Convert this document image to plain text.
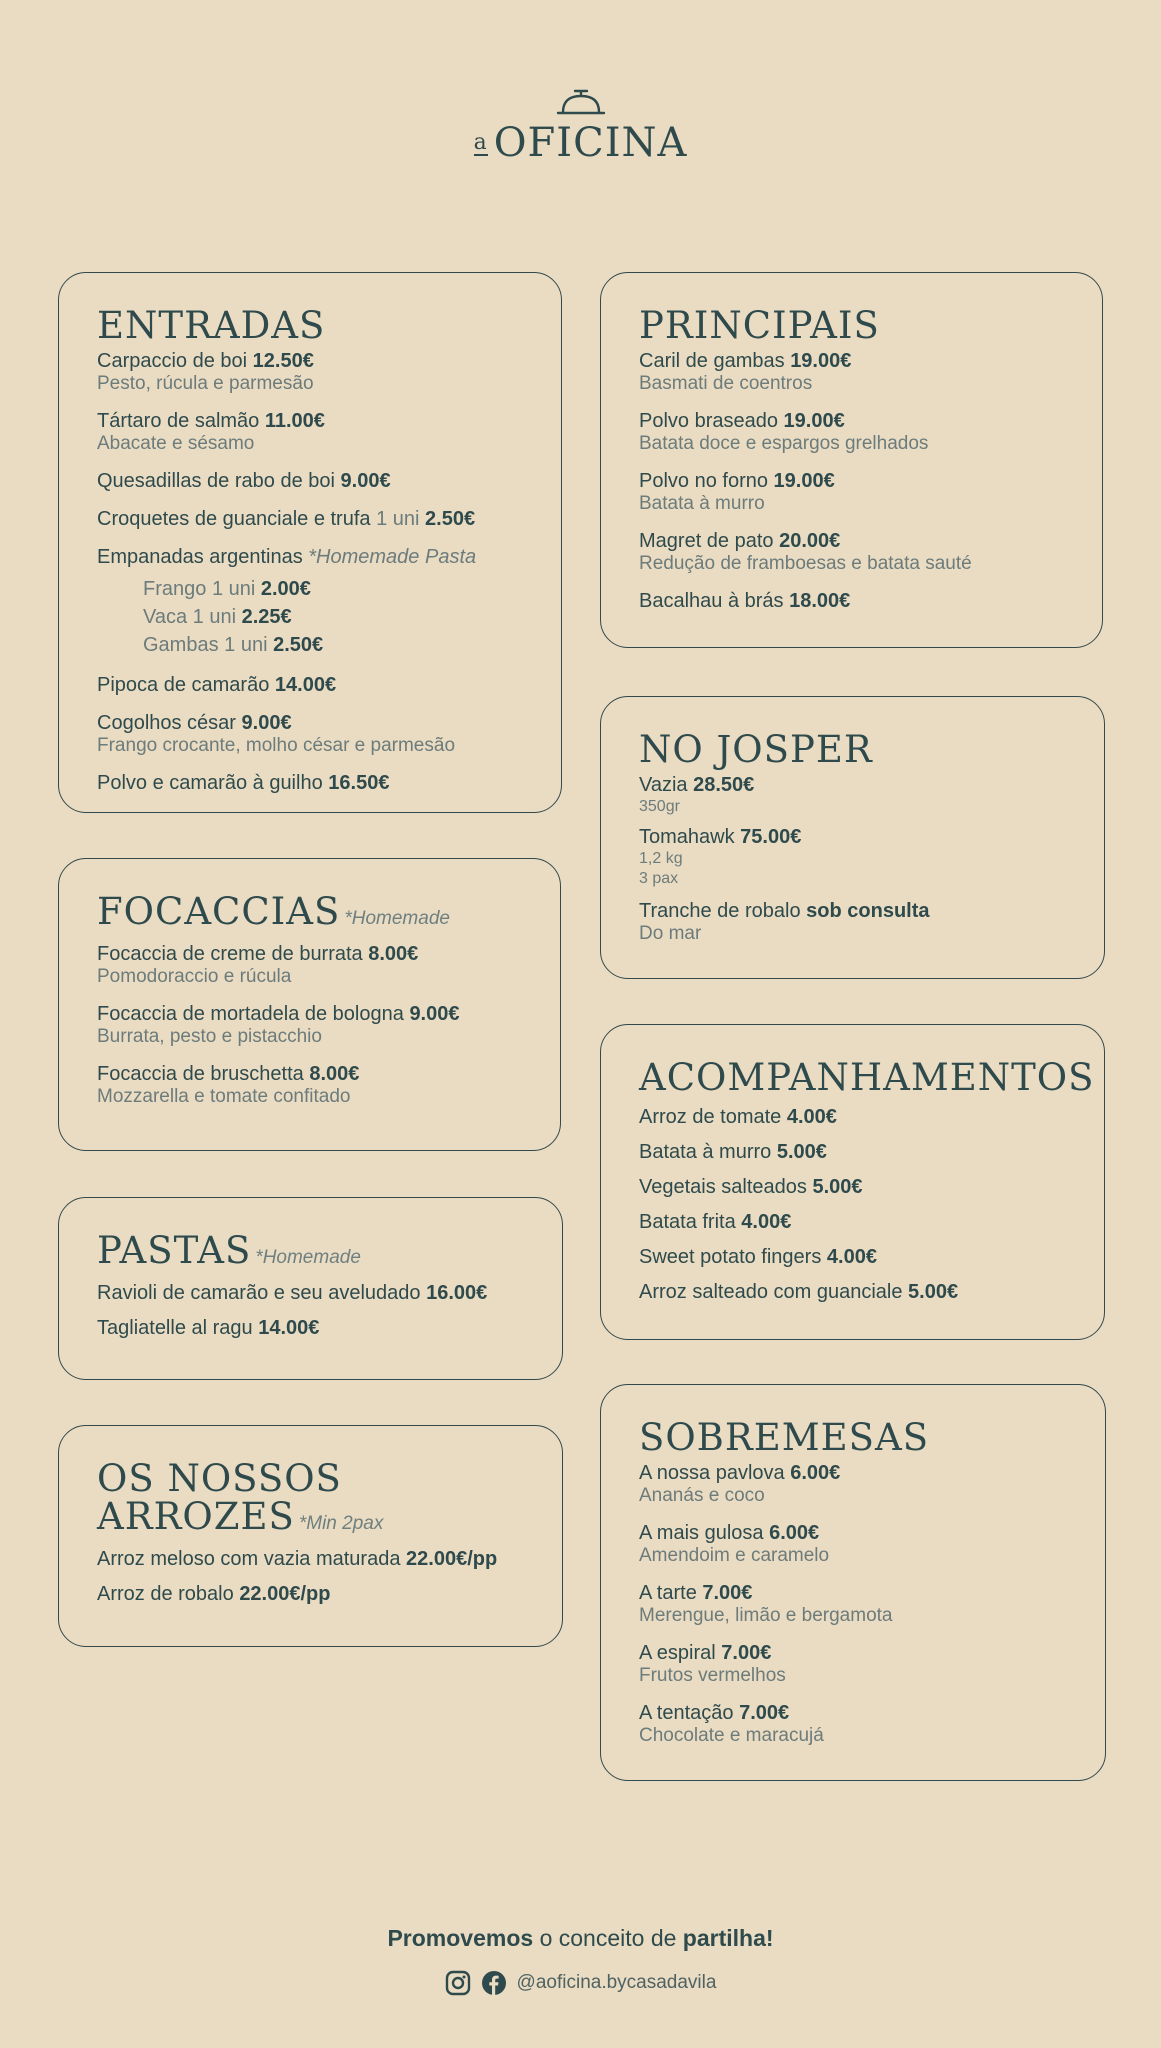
a OFICINA
ENTRADAS
Carpaccio de boi 12.50€
Pesto, rúcula e parmesão
Tártaro de salmão 11.00€
Abacate e sésamo
Quesadillas de rabo de boi 9.00€
Croquetes de guanciale e trufa 1 uni 2.50€
Empanadas argentinas *Homemade Pasta
Frango 1 uni 2.00€
Vaca 1 uni 2.25€
Gambas 1 uni 2.50€
Pipoca de camarão 14.00€
Cogolhos césar 9.00€
Frango crocante, molho césar e parmesão
Polvo e camarão à guilho 16.50€
PRINCIPAIS
Caril de gambas 19.00€
Basmati de coentros
Polvo braseado 19.00€
Batata doce e espargos grelhados
Polvo no forno 19.00€
Batata à murro
Magret de pato 20.00€
Redução de framboesas e batata sauté
Bacalhau à brás 18.00€
NO JOSPER
Vazia 28.50€
350gr
Tomahawk 75.00€
1,2 kg
3 pax
Tranche de robalo sob consulta
Do mar
FOCACCIAS *Homemade
Focaccia de creme de burrata 8.00€
Pomodoraccio e rúcula
Focaccia de mortadela de bologna 9.00€
Burrata, pesto e pistacchio
Focaccia de bruschetta 8.00€
Mozzarella e tomate confitado	ACOMPANHAMENTOS
Arroz de tomate 4.00€
Batata à murro 5.00€
Vegetais salteados 5.00€
Batata frita 4.00€
Sweet potato fingers 4.00€
Arroz salteado com guanciale 5.00€
PASTAS *Homemade
Ravioli de camarão e seu aveludado 16.00€
Tagliatelle al ragu 14.00€
OS NOSSOS
ARROZES *Min 2pax
Arroz meloso com vazia maturada 22.00€/pp
Arroz de robalo 22.00€/pp
SOBREMESAS
A nossa pavlova 6.00€
Ananás e coco
A mais gulosa 6.00€
Amendoim e caramelo
A tarte 7.00€
Merengue, limão e bergamota
A espiral 7.00€
Frutos vermelhos
A tentação 7.00€
Chocolate e maracujá
Promovemos o conceito de partilha!
@aoficina.bycasadavila
